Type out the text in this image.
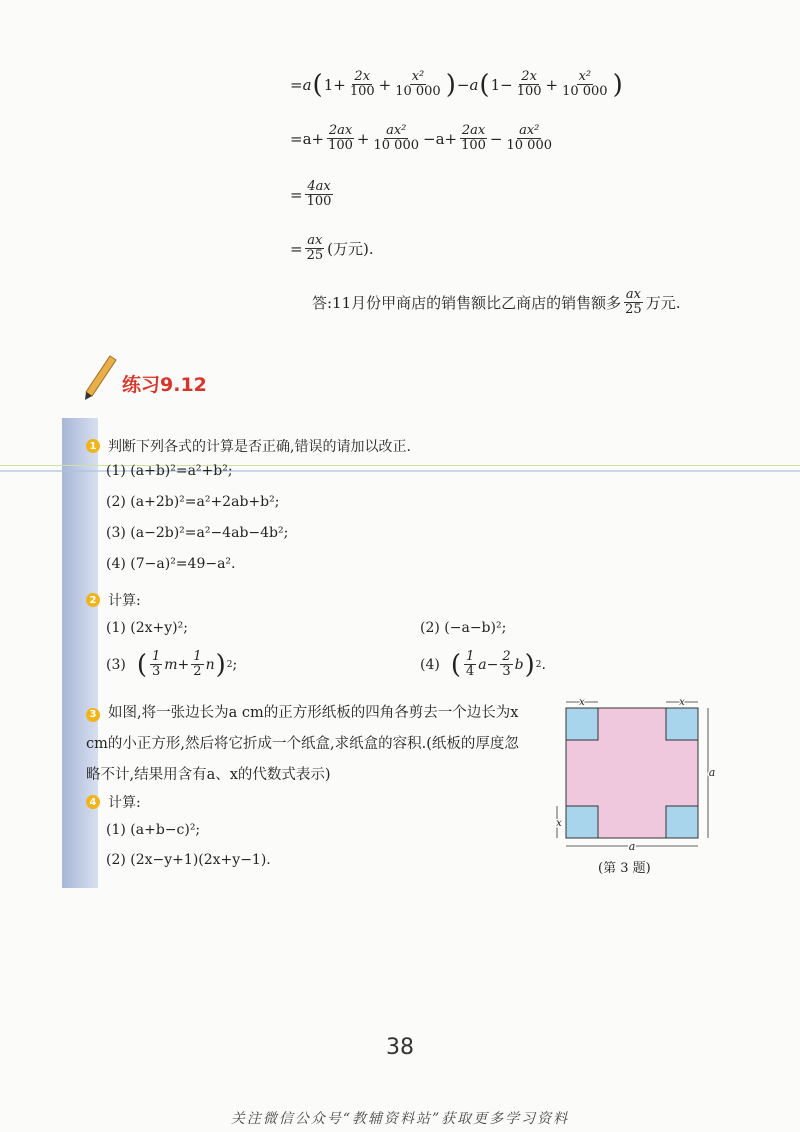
= a ( $1+ \frac{2x}{100} + \frac{\text{x²}}{10 000}$ ) − a ( $1- \frac{2x}{100} + \frac{\text{x²}}{10 000}$ )
$=a+ \frac{2ax}{100} + \frac{\text{ax²}}{10 000} -a+ \frac{2ax}{100} - \frac{\text{ax²}}{10 000}$
= $\frac{4ax}{100}$
= $\frac{ax}{25}$ (万元).
答:11月份甲商店的销售额比乙商店的销售额多 $\frac{ax}{25}$ 万元.
练习9.12
1 判断下列各式的计算是否正确,错误的请加以改正.
(1) (a+b)²=a²+b²;
(2) (a+2b)²=a²+2ab+b²;
(3) (a−2b)²=a²−4ab−4b²;
(4) (7−a)²=49−a².
2 计算:
(1) (2x+y)²;	(2) (−a−b)²;
(3) ( $\frac{1}{3} m+ \frac{1}{2}$ n ) 2 ;	(4) ( $\frac{1}{4} a- \frac{2}{3}$ b ) 2 .
3 如图,将一张边长为a cm的正方形纸板的四角各剪去一个边长为x cm的小正方形,然后将它折成一个纸盒,求纸盒的容积.(纸板的厚度忽略不计,结果用含有a、x的代数式表示)
4 计算:
(1) (a+b−c)²;
(2) (2x−y+1)(2x+y−1).
x	x
a
a
x
(第 3 题)
38
关注微信公众号“教辅资料站”获取更多学习资料
